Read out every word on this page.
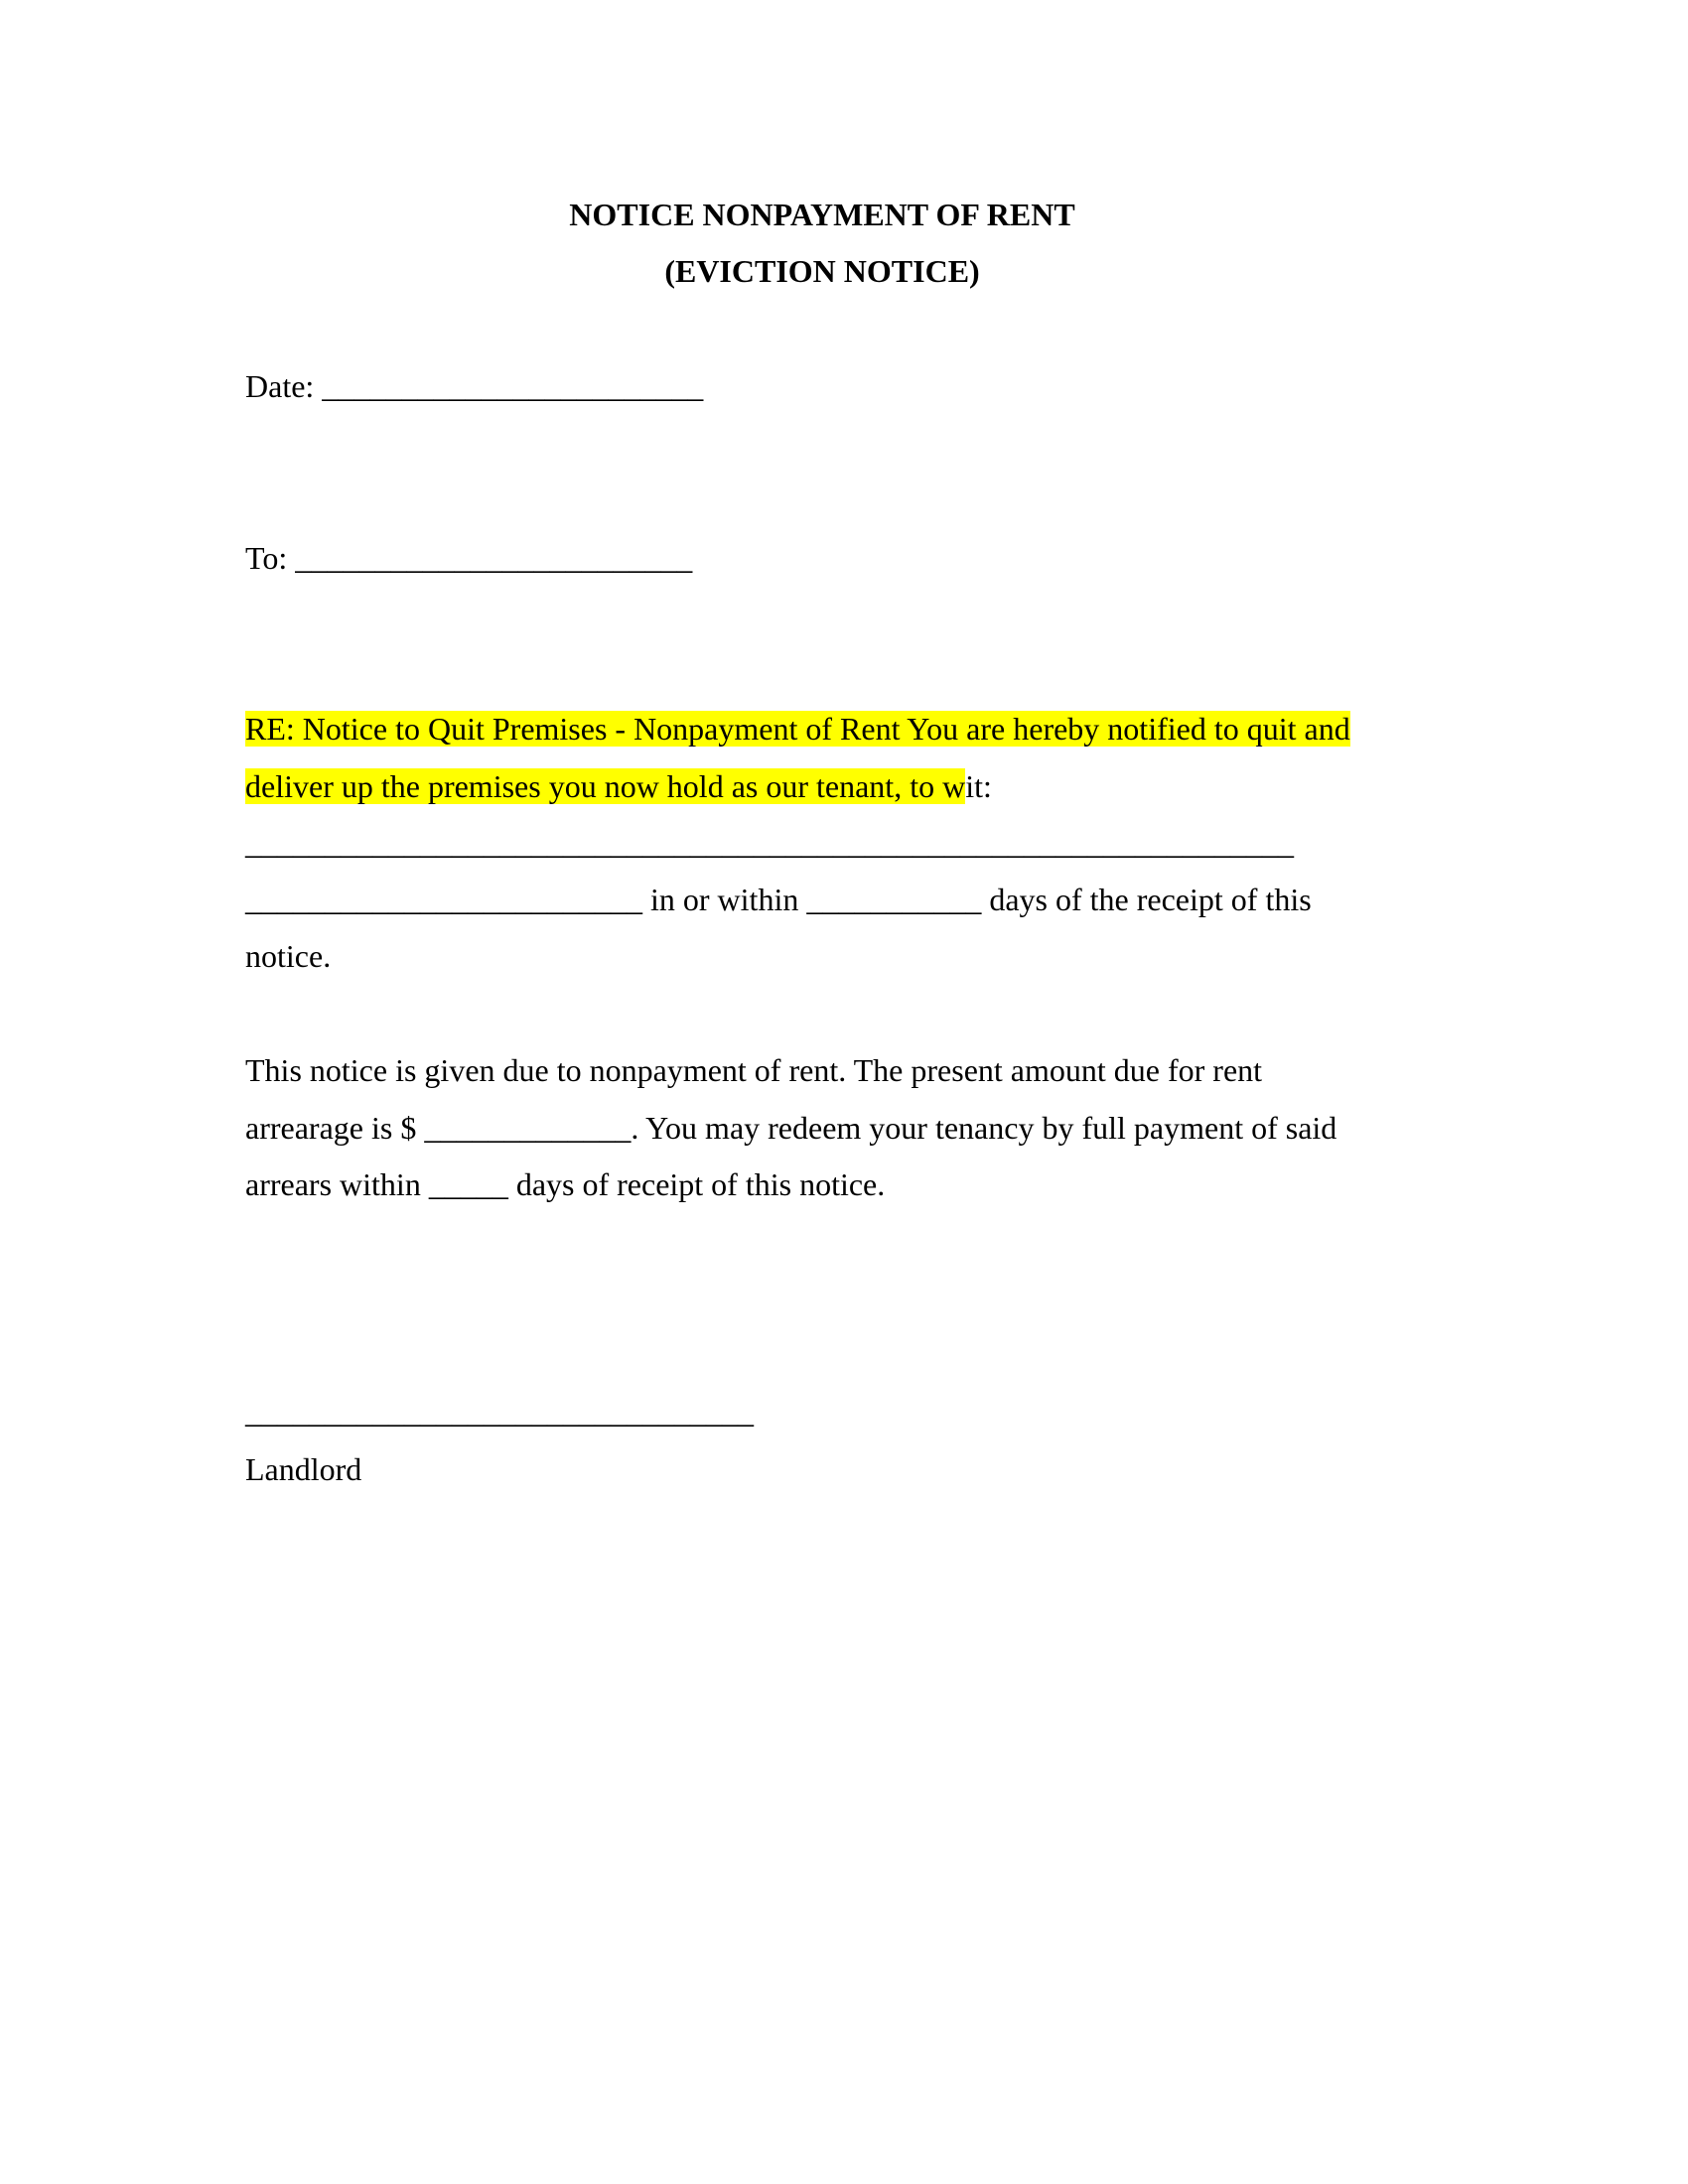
NOTICE NONPAYMENT OF RENT
(EVICTION NOTICE)
Date: ________________________
To: _________________________
RE: Notice to Quit Premises - Nonpayment of Rent You are hereby notified to quit and
deliver up the premises you now hold as our tenant, to wit:
__________________________________________________________________
_________________________ in or within ___________ days of the receipt of this
notice.
This notice is given due to nonpayment of rent. The present amount due for rent
arrearage is $ _____________. You may redeem your tenancy by full payment of said
arrears within _____ days of receipt of this notice.
________________________________
Landlord
